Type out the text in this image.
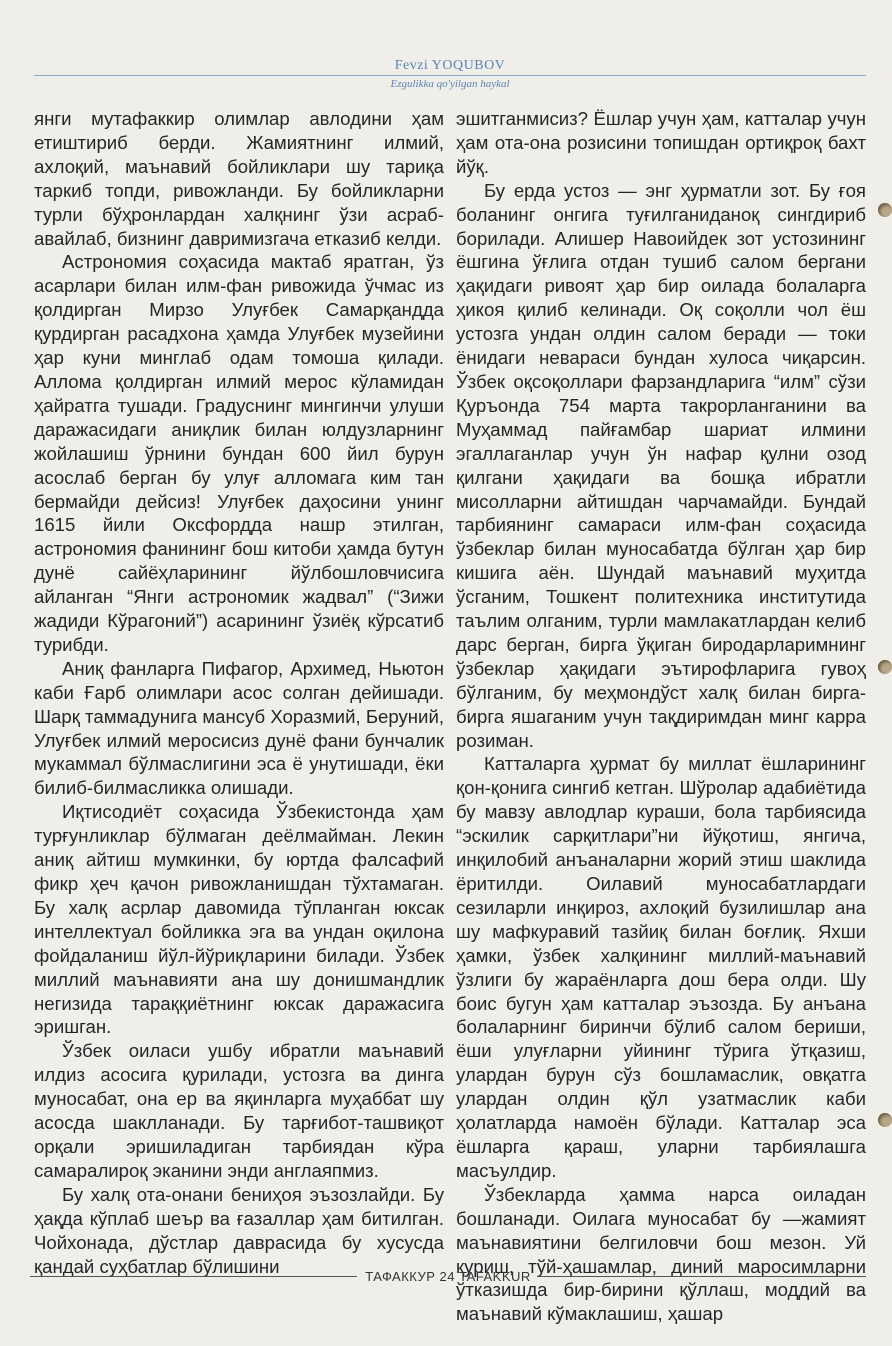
Fevzi YOQUBOV
Ezgulikka qo'yilgan haykal

янги мутафаккир олимлар авлодини ҳам етиштириб берди. Жамиятнинг илмий, ахлоқий, маънавий бойликлари шу тариқа таркиб топди, ривожланди. Бу бойликларни турли бўҳронлардан халқнинг ўзи асраб-авайлаб, бизнинг давримизгача етказиб келди.

Астрономия соҳасида мактаб яратган, ўз асарлари билан илм-фан ривожида ўчмас из қолдирган Мирзо Улуғбек Самарқандда қурдирган расадхона ҳамда Улуғбек музейини ҳар куни минглаб одам томоша қилади. Аллома қолдирган илмий мерос кўламидан ҳайратга тушади. Градуснинг мингинчи улуши даражасидаги аниқлик билан юлдузларнинг жойлашиш ўрнини бундан 600 йил бурун асослаб берган бу улуғ алломага ким тан бермайди дейсиз! Улуғбек даҳосини унинг 1615 йили Оксфордда нашр этилган, астрономия фанининг бош китоби ҳамда бутун дунё сайёҳларининг йўлбошловчисига айланган “Янги астрономик жадвал” (“Зижи жадиди Кўрагоний”) асарининг ўзиёқ кўрсатиб турибди.

Аниқ фанларга Пифагор, Архимед, Ньютон каби Ғарб олимлари асос солган дейишади. Шарқ таммадунига мансуб Хоразмий, Беруний, Улуғбек илмий меросисиз дунё фани бунчалик мукаммал бўлмаслигини эса ё унутишади, ёки билиб-билмасликка олишади.

Иқтисодиёт соҳасида Ўзбекистонда ҳам турғунликлар бўлмаган деёлмайман. Лекин аниқ айтиш мумкинки, бу юртда фалсафий фикр ҳеч қачон ривожланишдан тўхтамаган. Бу халқ асрлар давомида тўпланган юксак интеллектуал бойликка эга ва ундан оқилона фойдаланиш йўл-йўриқларини билади. Ўзбек миллий маънавияти ана шу донишмандлик негизида тараққиётнинг юксак даражасига эришган.

Ўзбек оиласи ушбу ибратли маънавий илдиз асосига қурилади, устозга ва динга муносабат, она ер ва яқинларга муҳаббат шу асосда шаклланади. Бу тарғибот-ташвиқот орқали эришиладиган тарбиядан кўра самаралироқ эканини энди англаяпмиз.

Бу халқ ота-онани бениҳоя эъзозлайди. Бу ҳақда кўплаб шеър ва ғазаллар ҳам битилган. Чойхонада, дўстлар даврасида бу хусусда қандай суҳбатлар бўлишини

эшитганмисиз? Ёшлар учун ҳам, катталар учун ҳам ота-она розисини топишдан ортиқроқ бахт йўқ.

Бу ерда устоз — энг ҳурматли зот. Бу ғоя боланинг онгига туғилганиданоқ сингдириб борилади. Алишер Навоийдек зот устозининг ёшгина ўғлига отдан тушиб салом бергани ҳақидаги ривоят ҳар бир оилада болаларга ҳикоя қилиб келинади. Оқ соқолли чол ёш устозга ундан олдин салом беради — токи ёнидаги невараси бундан хулоса чиқарсин. Ўзбек оқсоқоллари фарзандларига “илм” сўзи Қуръонда 754 марта такрорланганини ва Муҳаммад пайғамбар шариат илмини эгаллаганлар учун ўн нафар қулни озод қилгани ҳақидаги ва бошқа ибратли мисолларни айтишдан чарчамайди. Бундай тарбиянинг самараси илм-фан соҳасида ўзбеклар билан муносабатда бўлган ҳар бир кишига аён. Шундай маънавий муҳитда ўсганим, Тошкент политехника институтида таълим олганим, турли мамлакатлардан келиб дарс берган, бирга ўқиган биродарларимнинг ўзбеклар ҳақидаги эътирофларига гувоҳ бўлганим, бу меҳмондўст халқ билан бирга-бирга яшаганим учун тақдиримдан минг карра розиман.

Катталарга ҳурмат бу миллат ёшларининг қон-қонига сингиб кетган. Шўролар адабиётида бу мавзу авлодлар кураши, бола тарбиясида “эскилик сарқитлари”ни йўқотиш, янгича, инқилобий анъаналарни жорий этиш шаклида ёритилди. Оилавий муносабатлардаги сезиларли инқироз, ахлоқий бузилишлар ана шу мафкуравий тазйиқ билан боғлиқ. Яхши ҳамки, ўзбек халқининг миллий-маънавий ўзлиги бу жараёнларга дош бера олди. Шу боис бугун ҳам катталар эъзозда. Бу анъана болаларнинг биринчи бўлиб салом бериши, ёши улуғларни уйининг тўрига ўтқазиш, улардан бурун сўз бошламаслик, овқатга улардан олдин қўл узатмаслик каби ҳолатларда намоён бўлади. Катталар эса ёшларга қараш, уларни тарбиялашга масъулдир.

Ўзбекларда ҳамма нарса оиладан бошланади. Оилага муносабат бу —жамият маънавиятини белгиловчи бош мезон. Уй қуриш, тўй-ҳашамлар, диний маросимларни ўтказишда бир-бирини қўллаш, моддий ва маънавий кўмаклашиш, ҳашар

ТАФАККУР 24 TAFAKKUR
